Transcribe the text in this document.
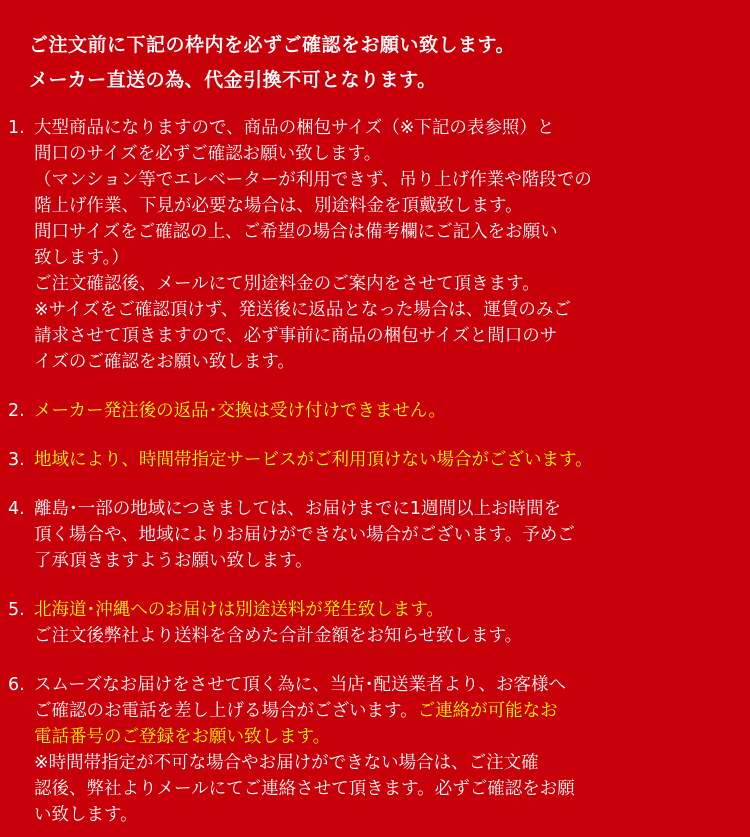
ご注文前に下記の枠内を必ずご確認をお願い致します。
メーカー直送の為、代金引換不可となります。
1. 大型商品になりますので、商品の梱包サイズ（※下記の表参照）と
間口のサイズを必ずご確認お願い致します。
（マンション等でエレベーターが利用できず、吊り上げ作業や階段での
階上げ作業、下見が必要な場合は、別途料金を頂戴致します。
間口サイズをご確認の上、ご希望の場合は備考欄にご記入をお願い
致します。）
ご注文確認後、メールにて別途料金のご案内をさせて頂きます。
※サイズをご確認頂けず、発送後に返品となった場合は、運賃のみご
請求させて頂きますので、必ず事前に商品の梱包サイズと間口のサ
イズのご確認をお願い致します。
2. メーカー発注後の返品･交換は受け付けできません。
3. 地域により、時間帯指定サービスがご利用頂けない場合がございます。
4. 離島･一部の地域につきましては、お届けまでに1週間以上お時間を
頂く場合や、地域によりお届けができない場合がございます。予めご
了承頂きますようお願い致します。
5. 北海道･沖縄へのお届けは別途送料が発生致します。
ご注文後弊社より送料を含めた合計金額をお知らせ致します。
6. スムーズなお届けをさせて頂く為に、当店･配送業者より、お客様へ
ご確認のお電話を差し上げる場合がございます。ご連絡が可能なお
電話番号のご登録をお願い致します。
※時間帯指定が不可な場合やお届けができない場合は、ご注文確
認後、弊社よりメールにてご連絡させて頂きます。必ずご確認をお願
い致します。
